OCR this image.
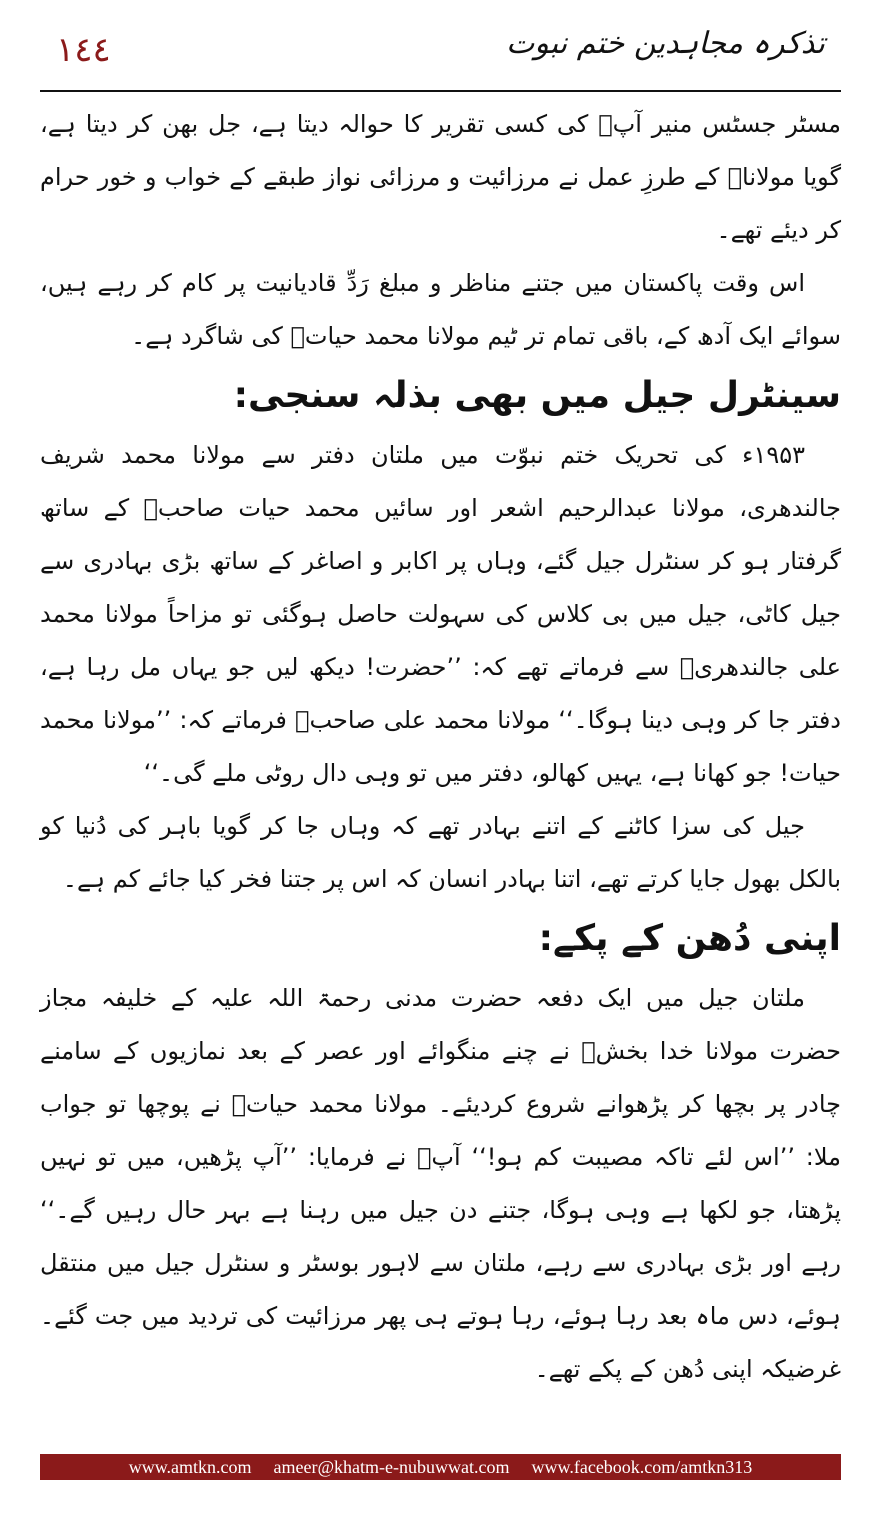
١٤٤	تذکرہ مجاہدین ختم نبوت

مسٹر جسٹس منیر آپؒ کی کسی تقریر کا حوالہ دیتا ہے، جل بھن کر دیتا ہے، گویا مولاناؒ کے طرزِ عمل نے مرزائیت و مرزائی نواز طبقے کے خواب و خور حرام کر دیئے تھے۔

اس وقت پاکستان میں جتنے مناظر و مبلغ رَدِّ قادیانیت پر کام کر رہے ہیں، سوائے ایک آدھ کے، باقی تمام تر ٹیم مولانا محمد حیاتؒ کی شاگرد ہے۔

سینٹرل جیل میں بھی بذلہ سنجی:

۱۹۵۳ء کی تحریک ختم نبوّت میں ملتان دفتر سے مولانا محمد شریف جالندھری، مولانا عبدالرحیم اشعر اور سائیں محمد حیات صاحبؒ کے ساتھ گرفتار ہو کر سنٹرل جیل گئے، وہاں پر اکابر و اصاغر کے ساتھ بڑی بہادری سے جیل کاٹی، جیل میں بی کلاس کی سہولت حاصل ہوگئی تو مزاحاً مولانا محمد علی جالندھریؒ سے فرماتے تھے کہ: ’’حضرت! دیکھ لیں جو یہاں مل رہا ہے، دفتر جا کر وہی دینا ہوگا۔‘‘ مولانا محمد علی صاحبؒ فرماتے کہ: ’’مولانا محمد حیات! جو کھانا ہے، یہیں کھالو، دفتر میں تو وہی دال روٹی ملے گی۔‘‘

جیل کی سزا کاٹنے کے اتنے بہادر تھے کہ وہاں جا کر گویا باہر کی دُنیا کو بالکل بھول جایا کرتے تھے، اتنا بہادر انسان کہ اس پر جتنا فخر کیا جائے کم ہے۔

اپنی دُھن کے پکے:

ملتان جیل میں ایک دفعہ حضرت مدنی رحمۃ اللہ علیہ کے خلیفہ مجاز حضرت مولانا خدا بخشؒ نے چنے منگوائے اور عصر کے بعد نمازیوں کے سامنے چادر پر بچھا کر پڑھوانے شروع کردیئے۔ مولانا محمد حیاتؒ نے پوچھا تو جواب ملا: ’’اس لئے تاکہ مصیبت کم ہو!‘‘ آپؒ نے فرمایا: ’’آپ پڑھیں، میں تو نہیں پڑھتا، جو لکھا ہے وہی ہوگا، جتنے دن جیل میں رہنا ہے بہر حال رہیں گے۔‘‘ رہے اور بڑی بہادری سے رہے، ملتان سے لاہور بوسٹر و سنٹرل جیل میں منتقل ہوئے، دس ماہ بعد رہا ہوئے، رہا ہوتے ہی پھر مرزائیت کی تردید میں جت گئے۔ غرضیکہ اپنی دُھن کے پکے تھے۔

www.amtkn.com ameer@khatm-e-nubuwwat.com www.facebook.com/amtkn313
